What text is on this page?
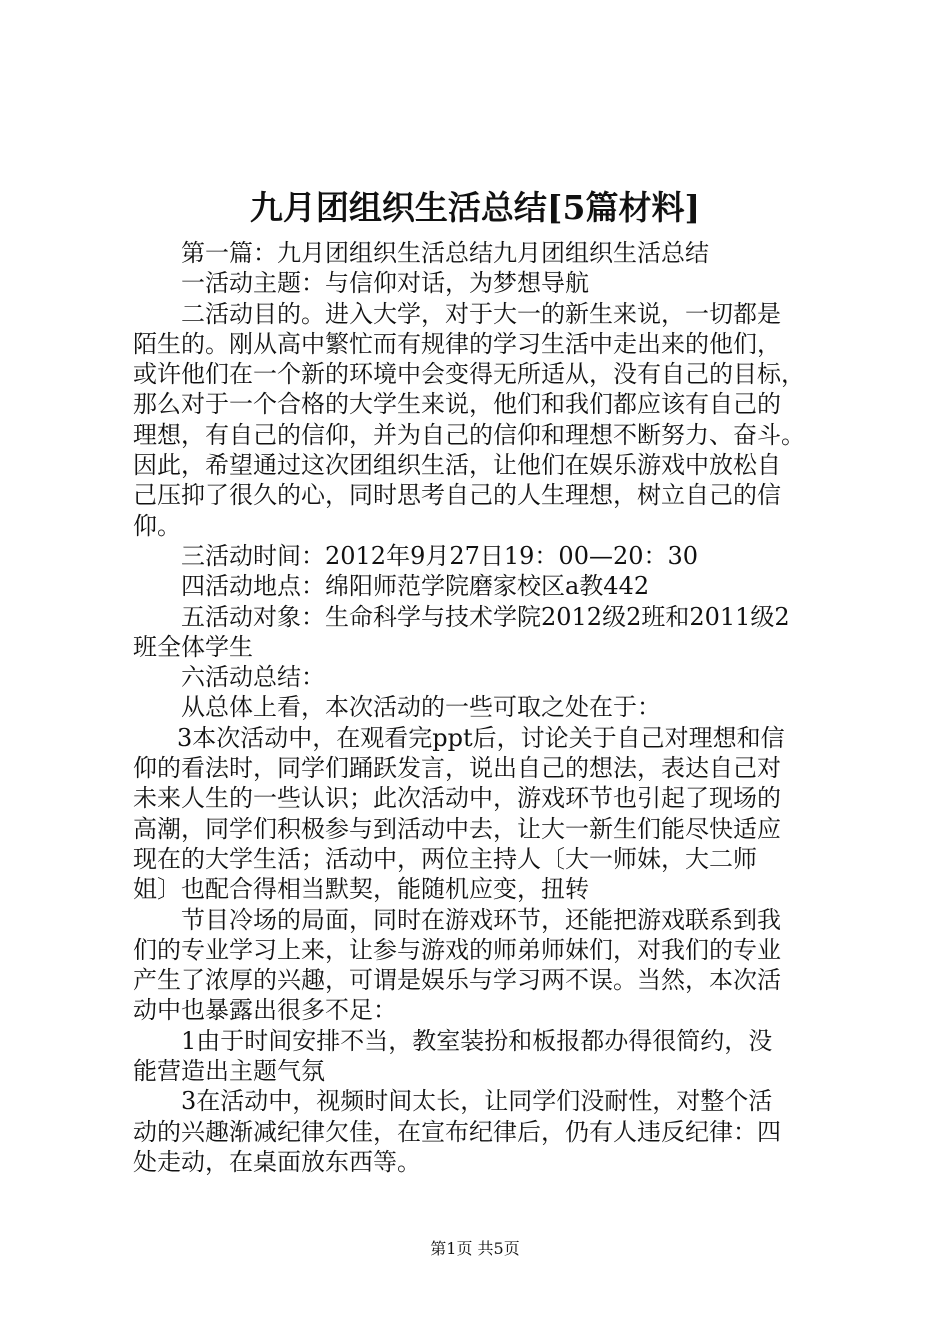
九月团组织生活总结[5篇材料]
第一篇：九月团组织生活总结九月团组织生活总结
一活动主题：与信仰对话，为梦想导航
二活动目的。进入大学，对于大一的新生来说，一切都是
陌生的。刚从高中繁忙而有规律的学习生活中走出来的他们，
或许他们在一个新的环境中会变得无所适从，没有自己的目标，
那么对于一个合格的大学生来说，他们和我们都应该有自己的
理想，有自己的信仰，并为自己的信仰和理想不断努力、奋斗。
因此，希望通过这次团组织生活，让他们在娱乐游戏中放松自
己压抑了很久的心，同时思考自己的人生理想，树立自己的信
仰。
三活动时间：2012年9月27日19：00—20：30
四活动地点：绵阳师范学院磨家校区a教442
五活动对象：生命科学与技术学院2012级2班和2011级2
班全体学生
六活动总结：
从总体上看，本次活动的一些可取之处在于：
3本次活动中，在观看完ppt后，讨论关于自己对理想和信
仰的看法时，同学们踊跃发言，说出自己的想法，表达自己对
未来人生的一些认识；此次活动中，游戏环节也引起了现场的
高潮，同学们积极参与到活动中去，让大一新生们能尽快适应
现在的大学生活；活动中，两位主持人〔大一师妹，大二师
姐〕也配合得相当默契，能随机应变，扭转
节目冷场的局面，同时在游戏环节，还能把游戏联系到我
们的专业学习上来，让参与游戏的师弟师妹们，对我们的专业
产生了浓厚的兴趣，可谓是娱乐与学习两不误。当然，本次活
动中也暴露出很多不足：
1由于时间安排不当，教室装扮和板报都办得很简约，没
能营造出主题气氛
3在活动中，视频时间太长，让同学们没耐性，对整个活
动的兴趣渐减纪律欠佳，在宣布纪律后，仍有人违反纪律：四
处走动，在桌面放东西等。
第1页 共5页
